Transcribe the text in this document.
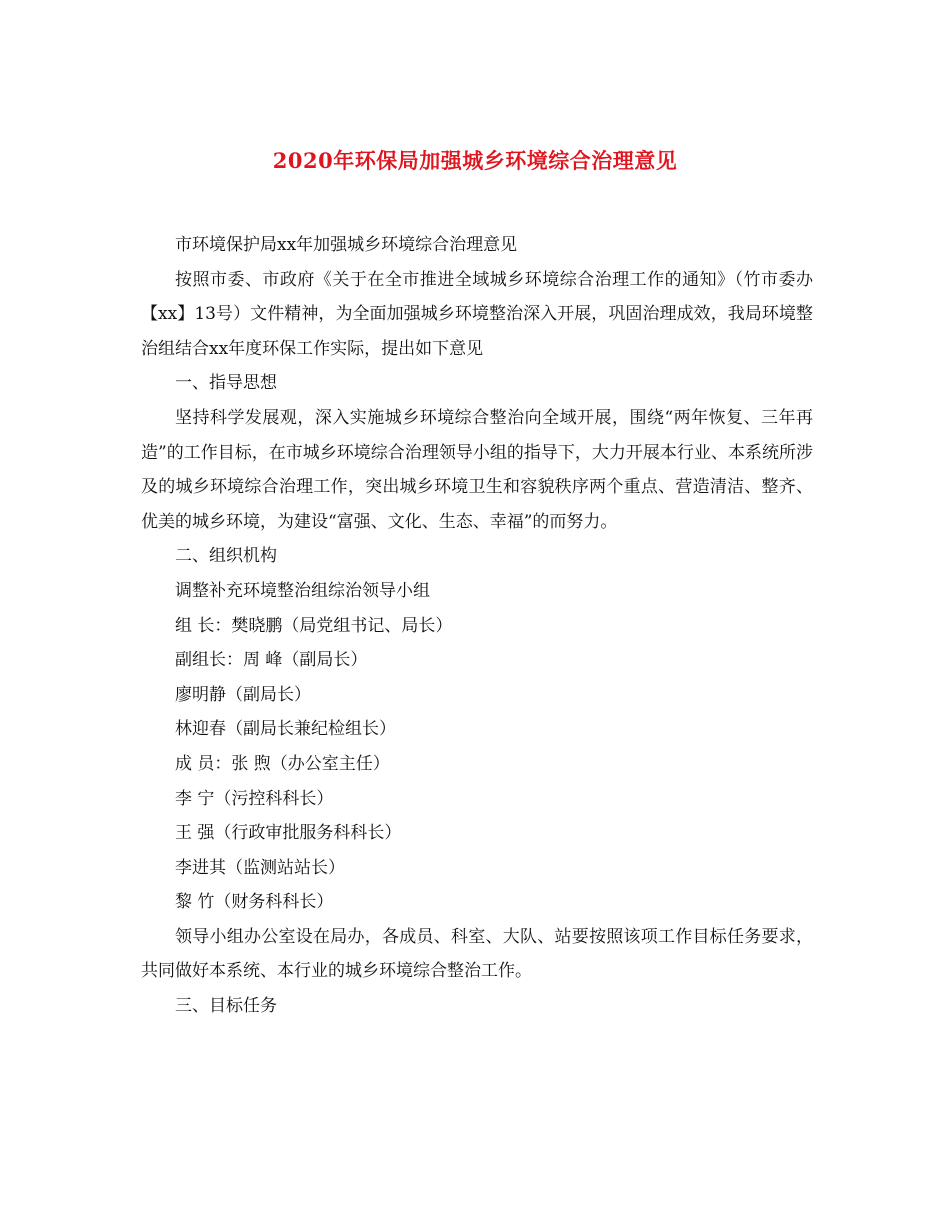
2020年环保局加强城乡环境综合治理意见

市环境保护局xx年加强城乡环境综合治理意见

按照市委、市政府《关于在全市推进全域城乡环境综合治理工作的通知》（竹市委办【xx】13号）文件精神，为全面加强城乡环境整治深入开展，巩固治理成效，我局环境整治组结合xx年度环保工作实际，提出如下意见

一、指导思想

坚持科学发展观，深入实施城乡环境综合整治向全域开展，围绕“两年恢复、三年再造”的工作目标，在市城乡环境综合治理领导小组的指导下，大力开展本行业、本系统所涉及的城乡环境综合治理工作，突出城乡环境卫生和容貌秩序两个重点、营造清洁、整齐、优美的城乡环境，为建设“富强、文化、生态、幸福”的而努力。

二、组织机构

调整补充环境整治组综治领导小组

组 长：樊晓鹏（局党组书记、局长）

副组长：周 峰（副局长）

廖明静（副局长）

林迎春（副局长兼纪检组长）

成 员：张 煦（办公室主任）

李 宁（污控科科长）

王 强（行政审批服务科科长）

李进其（监测站站长）

黎 竹（财务科科长）

领导小组办公室设在局办，各成员、科室、大队、站要按照该项工作目标任务要求，共同做好本系统、本行业的城乡环境综合整治工作。

三、目标任务
